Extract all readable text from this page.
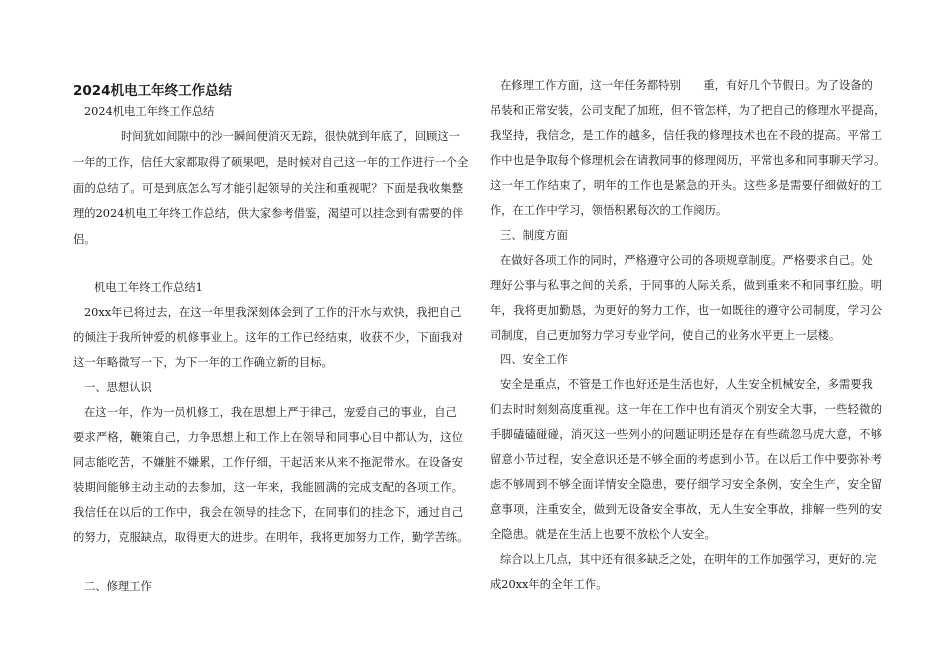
2024机电工年终工作总结

2024机电工年终工作总结

时间犹如间隙中的沙一瞬间便消灭无踪，很快就到年底了，回顾这一

一年的工作，信任大家都取得了硕果吧，是时候对自己这一年的工作进行一个全

面的总结了。可是到底怎么写才能引起领导的关注和重视呢？下面是我收集整

理的2024机电工年终工作总结，供大家参考借鉴，渴望可以挂念到有需要的伴

侣。

机电工年终工作总结1

20xx年已将过去，在这一年里我深刻体会到了工作的汗水与欢快，我把自己

的倾注于我所钟爱的机修事业上。这年的工作已经结束，收获不少，下面我对

这一年略微写一下，为下一年的工作确立新的目标。

一、思想认识

在这一年，作为一员机修工，我在思想上严于律己，宠爱自己的事业，自己

要求严格，鞭策自己，力争思想上和工作上在领导和同事心目中都认为，这位

同志能吃苦，不嫌脏不嫌累，工作仔细，干起活来从来不拖泥带水。在设备安

装期间能够主动主动的去参加，这一年来，我能圆满的完成支配的各项工作。

我信任在以后的工作中，我会在领导的挂念下，在同事们的挂念下，通过自己

的努力，克服缺点，取得更大的进步。在明年，我将更加努力工作，勤学苦练。

二、修理工作

在修理工作方面，这一年任务都特别　　重，有好几个节假日。为了设备的

吊装和正常安装，公司支配了加班，但不管怎样，为了把自己的修理水平提高，

我坚持，我信念，是工作的越多，信任我的修理技术也在不段的提高。平常工

作中也是争取每个修理机会在请教同事的修理阅历，平常也多和同事聊天学习。

这一年工作结束了，明年的工作也是紧急的开头。这些多是需要仔细做好的工

作，在工作中学习，领悟积累每次的工作阅历。

三、制度方面

在做好各项工作的同时，严格遵守公司的各项规章制度。严格要求自己。处

理好公事与私事之间的关系，于同事的人际关系，做到重来不和同事红脸。明

年，我将更加勤恳，为更好的努力工作，也一如既往的遵守公司制度，学习公

司制度，自己更加努力学习专业学问，使自己的业务水平更上一层楼。

四、安全工作

安全是重点，不管是工作也好还是生活也好，人生安全机械安全，多需要我

们去时时刻刻高度重视。这一年在工作中也有消灭个别安全大事，一些轻微的

手脚磕磕碰碰，消灭这一些列小的问题证明还是存在有些疏忽马虎大意，不够

留意小节过程，安全意识还是不够全面的考虑到小节。在以后工作中要弥补考

虑不够周到不够全面详情安全隐患，要仔细学习安全条例，安全生产，安全留

意事项，注重安全，做到无设备安全事故，无人生安全事故，排解一些列的安

全隐患。就是在生活上也要不放松个人安全。

综合以上几点，其中还有很多缺乏之处，在明年的工作加强学习，更好的.完

成20xx年的全年工作。
